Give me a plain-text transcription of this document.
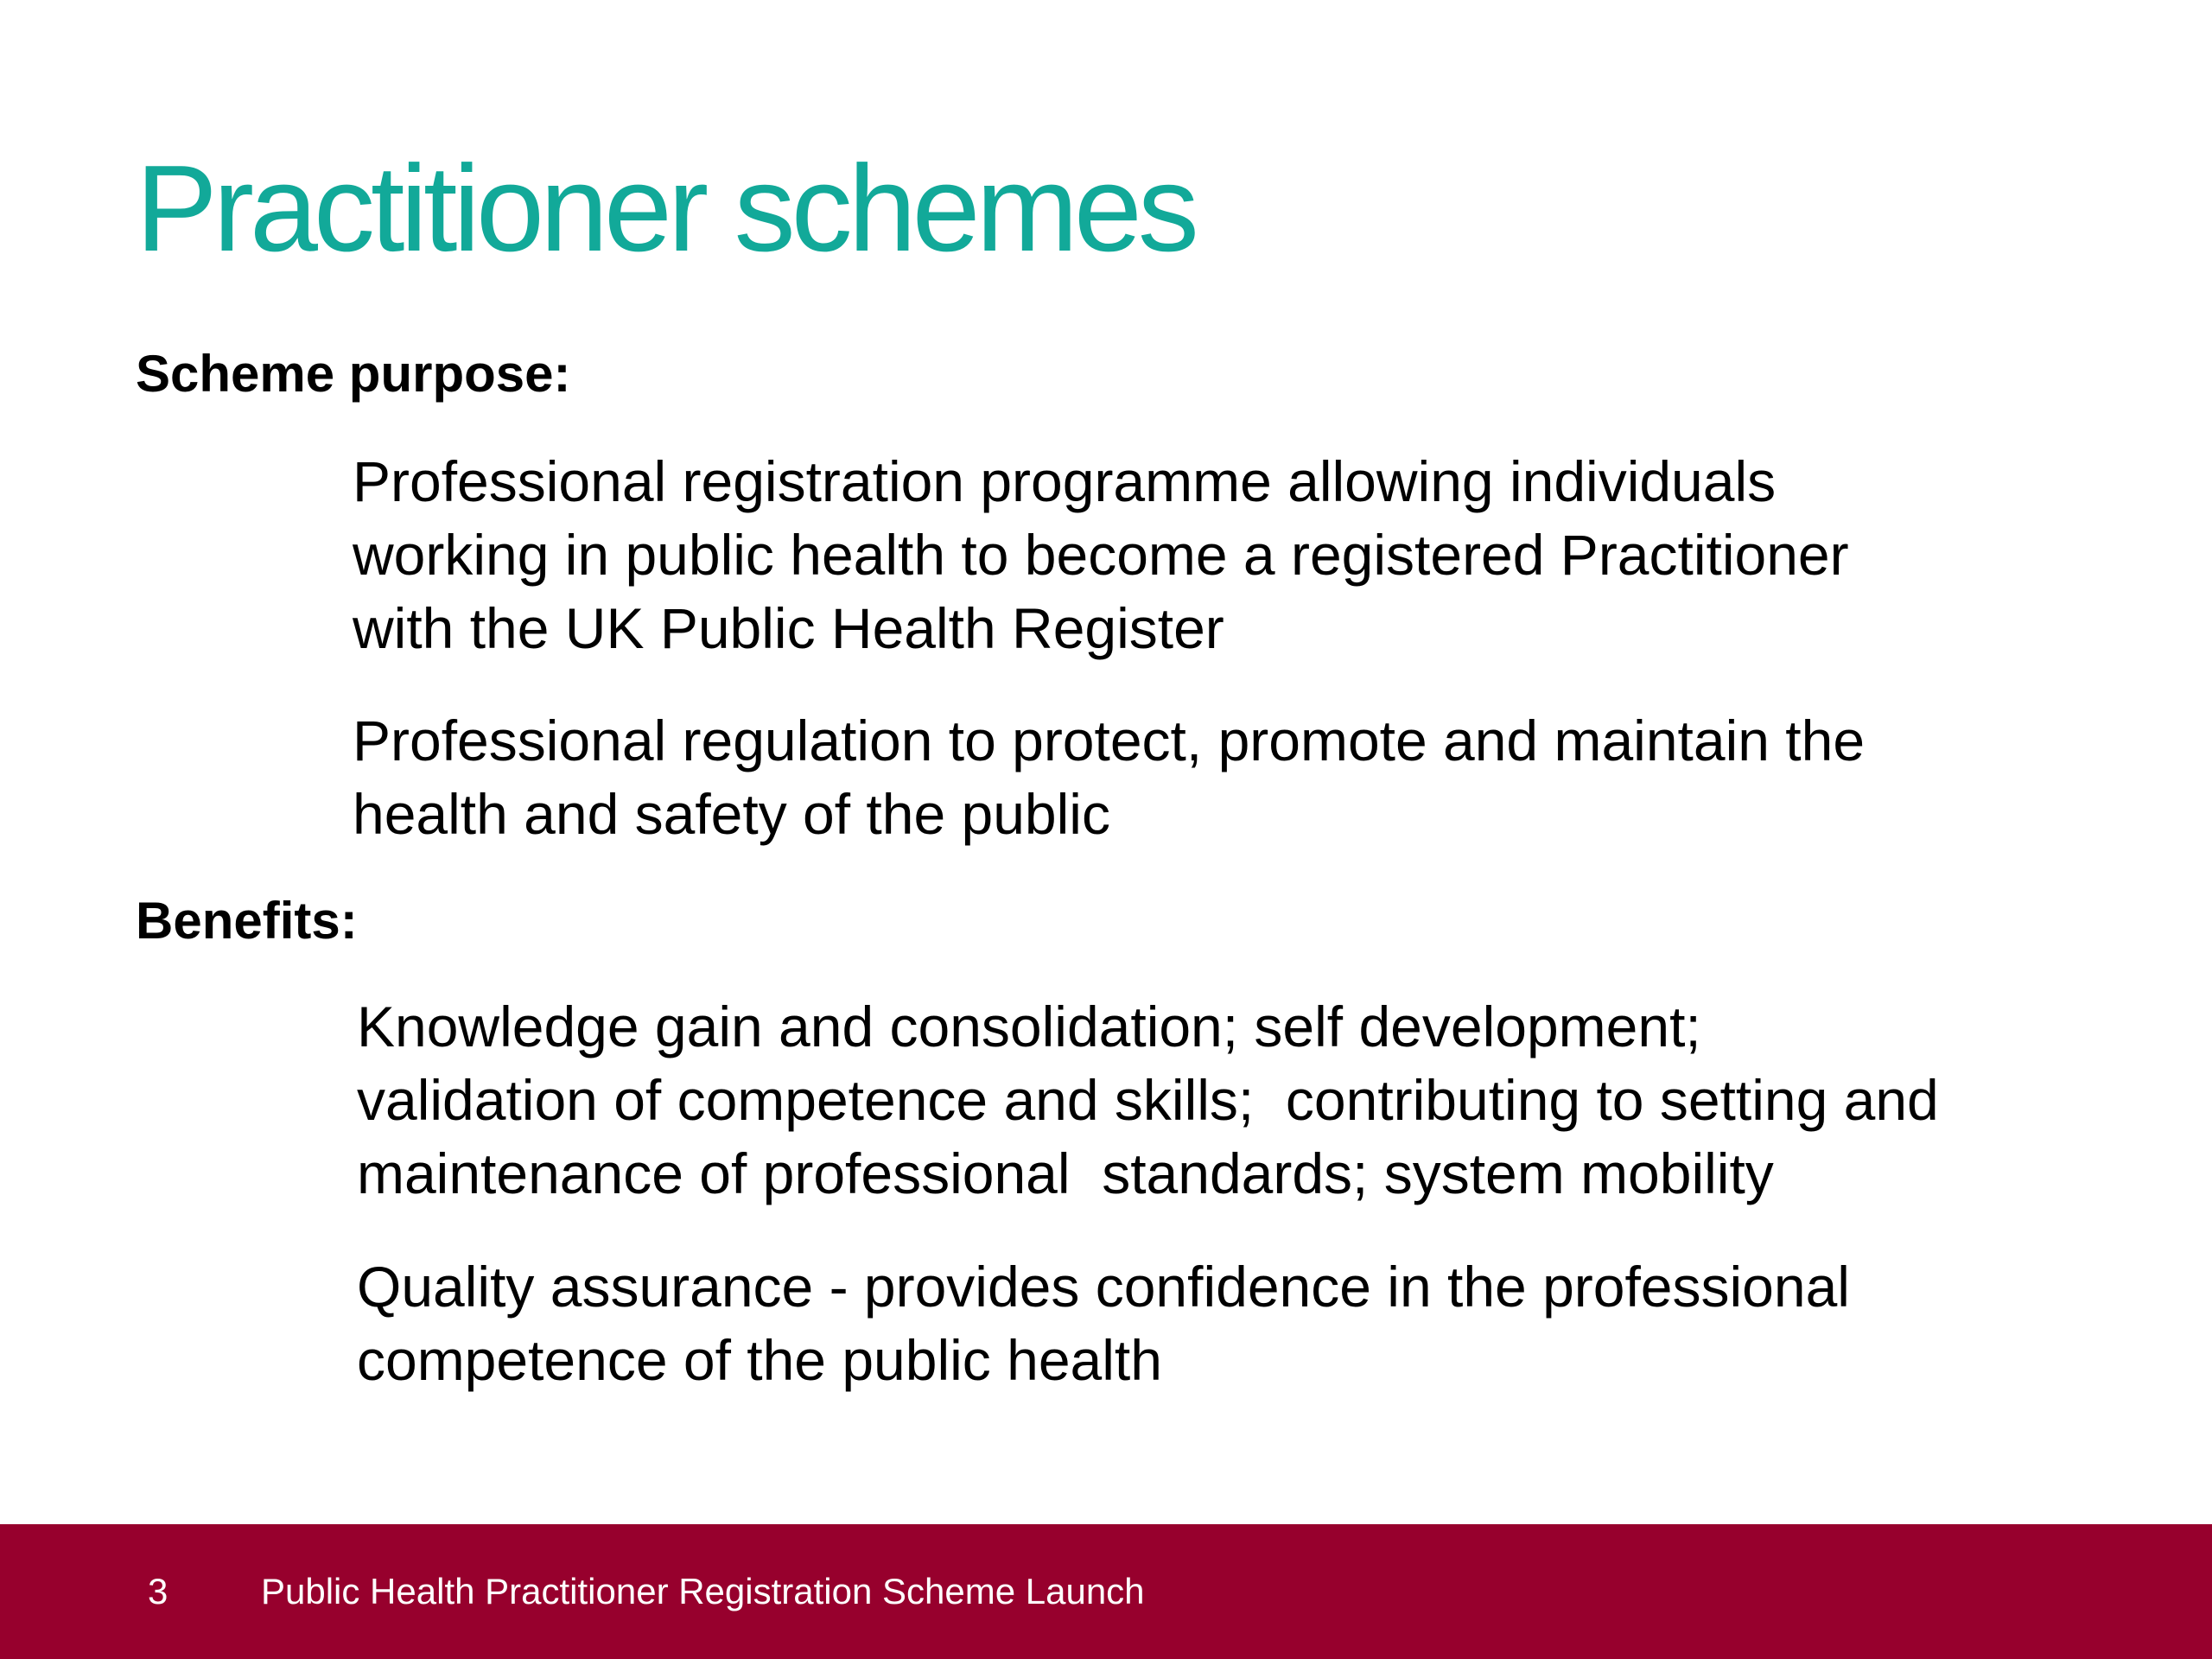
Practitioner schemes
Scheme purpose:

Professional registration programme allowing individuals
working in public health to become a registered Practitioner
with the UK Public Health Register

Professional regulation to protect, promote and maintain the
health and safety of the public

Benefits:

Knowledge gain and consolidation; self development;
validation of competence and skills;  contributing to setting and
maintenance of professional  standards; system mobility

Quality assurance - provides confidence in the professional
competence of the public health

3	Public Health Practitioner Registration Scheme Launch
